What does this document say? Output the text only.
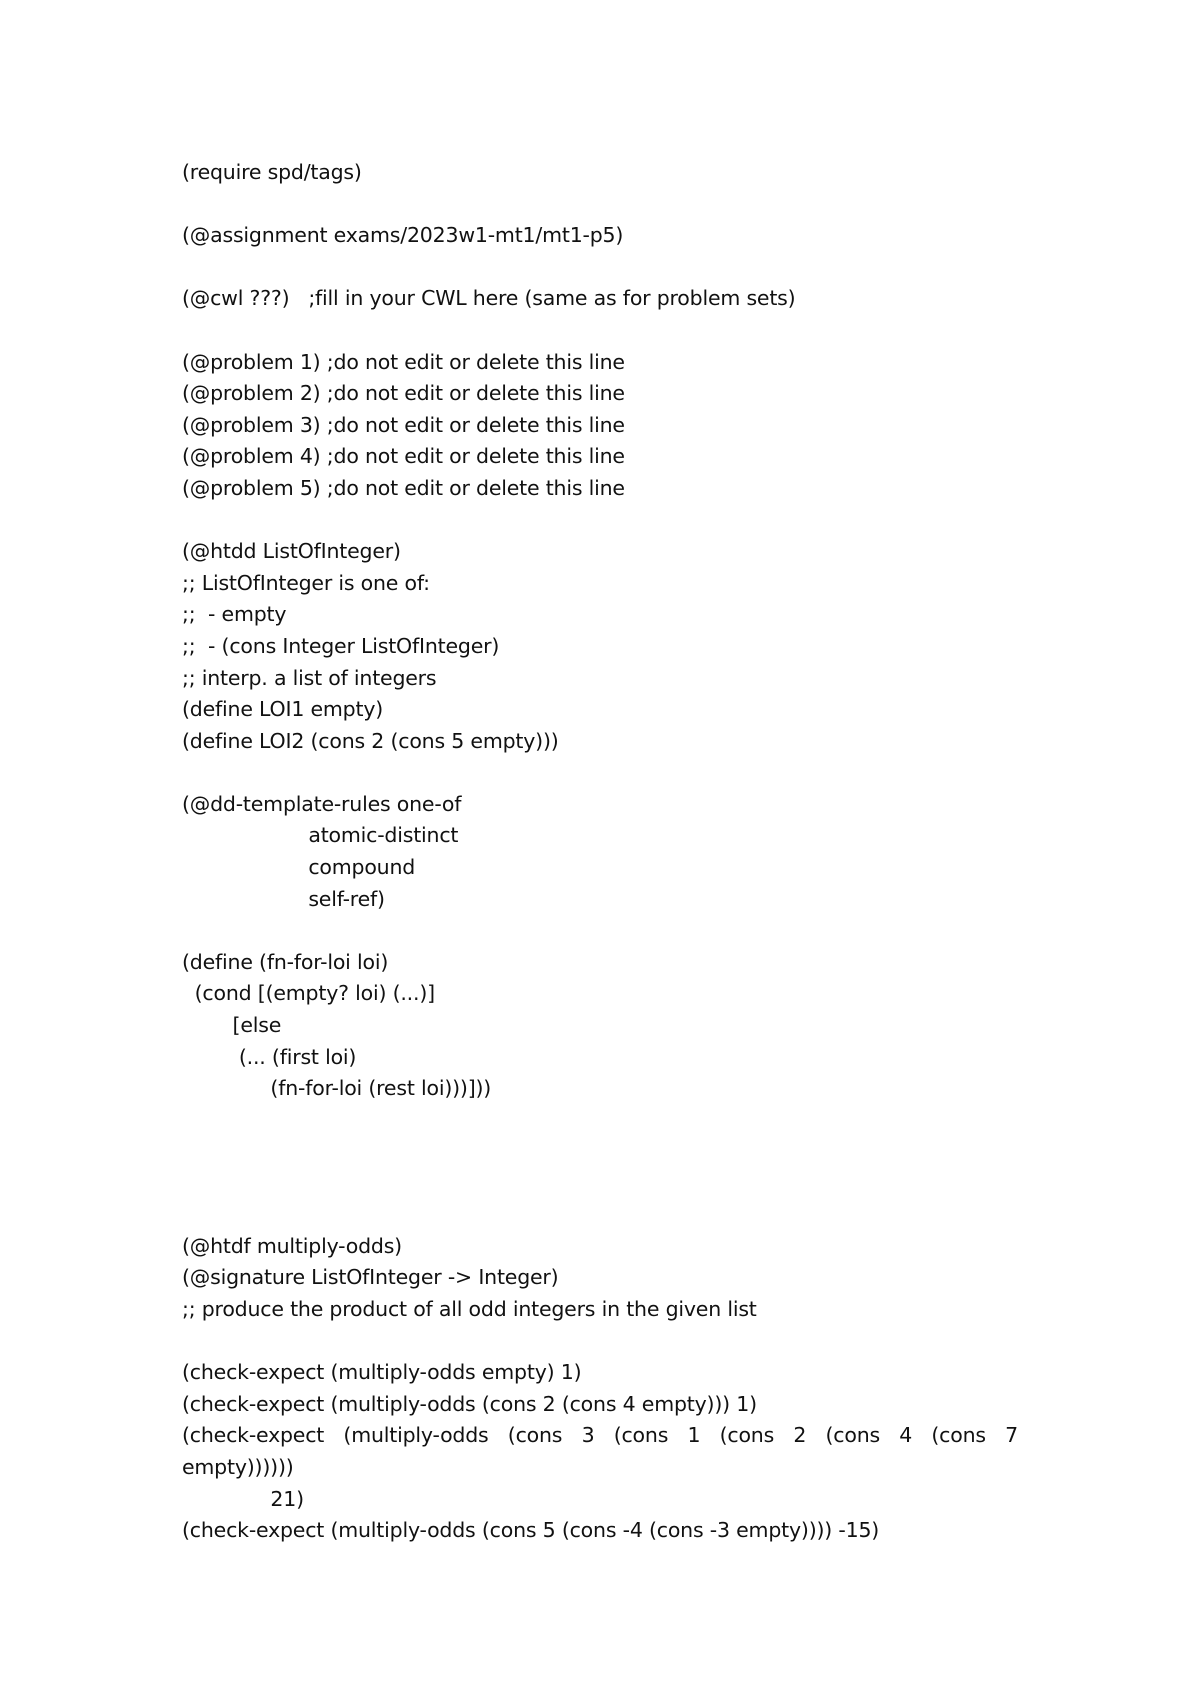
(require spd/tags)
(@assignment exams/2023w1-mt1/mt1-p5)
(@cwl ???)   ;fill in your CWL here (same as for problem sets)
(@problem 1) ;do not edit or delete this line
(@problem 2) ;do not edit or delete this line
(@problem 3) ;do not edit or delete this line
(@problem 4) ;do not edit or delete this line
(@problem 5) ;do not edit or delete this line
(@htdd ListOfInteger)
;; ListOfInteger is one of:
;;  - empty
;;  - (cons Integer ListOfInteger)
;; interp. a list of integers
(define LOI1 empty)
(define LOI2 (cons 2 (cons 5 empty)))
(@dd-template-rules one-of
atomic-distinct
compound
self-ref)
(define (fn-for-loi loi)
(cond [(empty? loi) (...)]
[else
(... (first loi)
(fn-for-loi (rest loi)))]))
(@htdf multiply-odds)
(@signature ListOfInteger -> Integer)
;; produce the product of all odd integers in the given list
(check-expect (multiply-odds empty) 1)
(check-expect (multiply-odds (cons 2 (cons 4 empty))) 1)
(check-expect (multiply-odds (cons 3 (cons 1 (cons 2 (cons 4 (cons 7
empty))))))
21)
(check-expect (multiply-odds (cons 5 (cons -4 (cons -3 empty)))) -15)
